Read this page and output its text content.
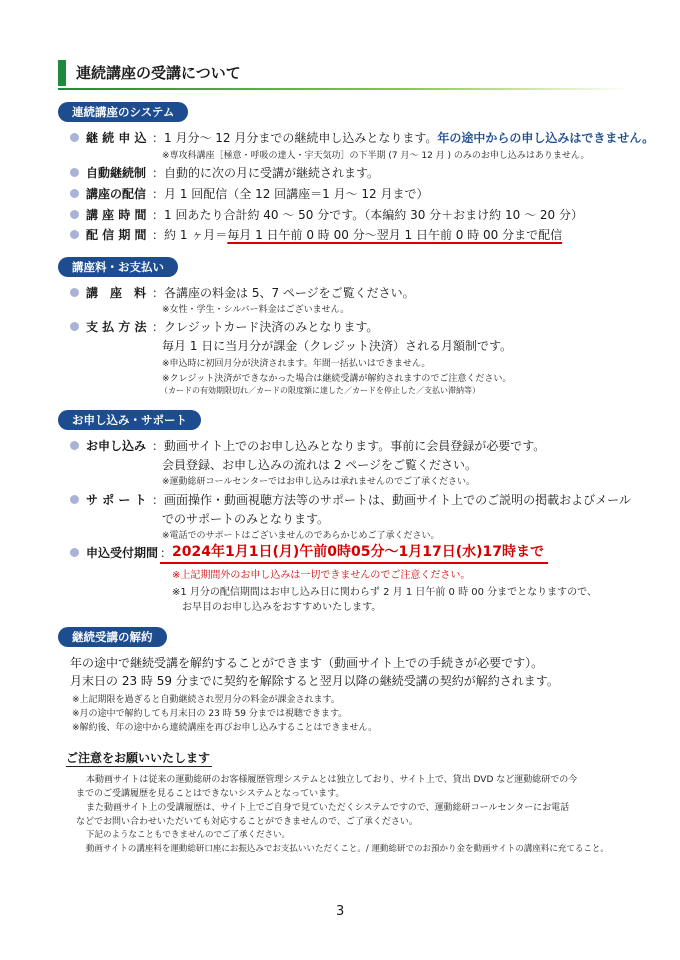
連続講座の受講について
連続講座のシステム
継 続 申 込 ：1 月分〜 12 月分までの継続申し込みとなります。年の途中からの申し込みはできません。
※専攻科講座［極意・呼吸の達人・宇天気功］の下半期 (7 月〜 12 月 ) のみのお申し込みはありません。
自動継続制 ：自動的に次の月に受講が継続されます。
講座の配信 ：月 1 回配信（全 12 回講座＝1 月〜 12 月まで）
講 座 時 間 ：1 回あたり合計約 40 〜 50 分です。（本編約 30 分＋おまけ約 10 〜 20 分）
配 信 期 間 ：約 1 ヶ月＝毎月 1 日午前 0 時 00 分〜翌月 1 日午前 0 時 00 分まで配信
講座料・お支払い
講　座　料 ：各講座の料金は 5、7 ページをご覧ください。
※女性・学生・シルバー料金はございません。
支 払 方 法 ：クレジットカード決済のみとなります。
毎月 1 日に当月分が課金（クレジット決済）される月額制です。
※申込時に初回月分が決済されます。年間一括払いはできません。
※クレジット決済ができなかった場合は継続受講が解約されますのでご注意ください。
（カードの有効期限切れ／カードの限度額に達した／カードを停止した／支払い滞納等）
お申し込み・サポート
お申し込み ：動画サイト上でのお申し込みとなります。事前に会員登録が必要です。
会員登録、お申し込みの流れは 2 ページをご覧ください。
※運動総研コールセンターではお申し込みは承れませんのでご了承ください。
サ ポ ー ト ：画面操作・動画視聴方法等のサポートは、動画サイト上でのご説明の掲載およびメール
でのサポートのみとなります。
※電話でのサポートはございませんのであらかじめご了承ください。
申込受付期間 ： 2024年1月1日(月)午前0時05分〜1月17日(水)17時まで
※上記期間外のお申し込みは一切できませんのでご注意ください。
※1 月分の配信期間はお申し込み日に関わらず 2 月 1 日午前 0 時 00 分までとなりますので、
お早目のお申し込みをおすすめいたします。
継続受講の解約
年の途中で継続受講を解約することができます（動画サイト上での手続きが必要です）。
月末日の 23 時 59 分までに契約を解除すると翌月以降の継続受講の契約が解約されます。
※上記期限を過ぎると自動継続され翌月分の料金が課金されます。
※月の途中で解約しても月末日の 23 時 59 分までは視聴できます。
※解約後、年の途中から連続講座を再びお申し込みすることはできません。
ご注意をお願いいたします
本動画サイトは従来の運動総研のお客様履歴管理システムとは独立しており、サイト上で、貸出 DVD など運動総研での今
までのご受講履歴を見ることはできないシステムとなっています。
また動画サイト上の受講履歴は、サイト上でご自身で見ていただくシステムですので、運動総研コールセンターにお電話
などでお問い合わせいただいても対応することができませんので、ご了承ください。
下記のようなこともできませんのでご了承ください。
動画サイトの講座料を運動総研口座にお振込みでお支払いいただくこと。/ 運動総研でのお預かり金を動画サイトの講座料に充てること。
3
